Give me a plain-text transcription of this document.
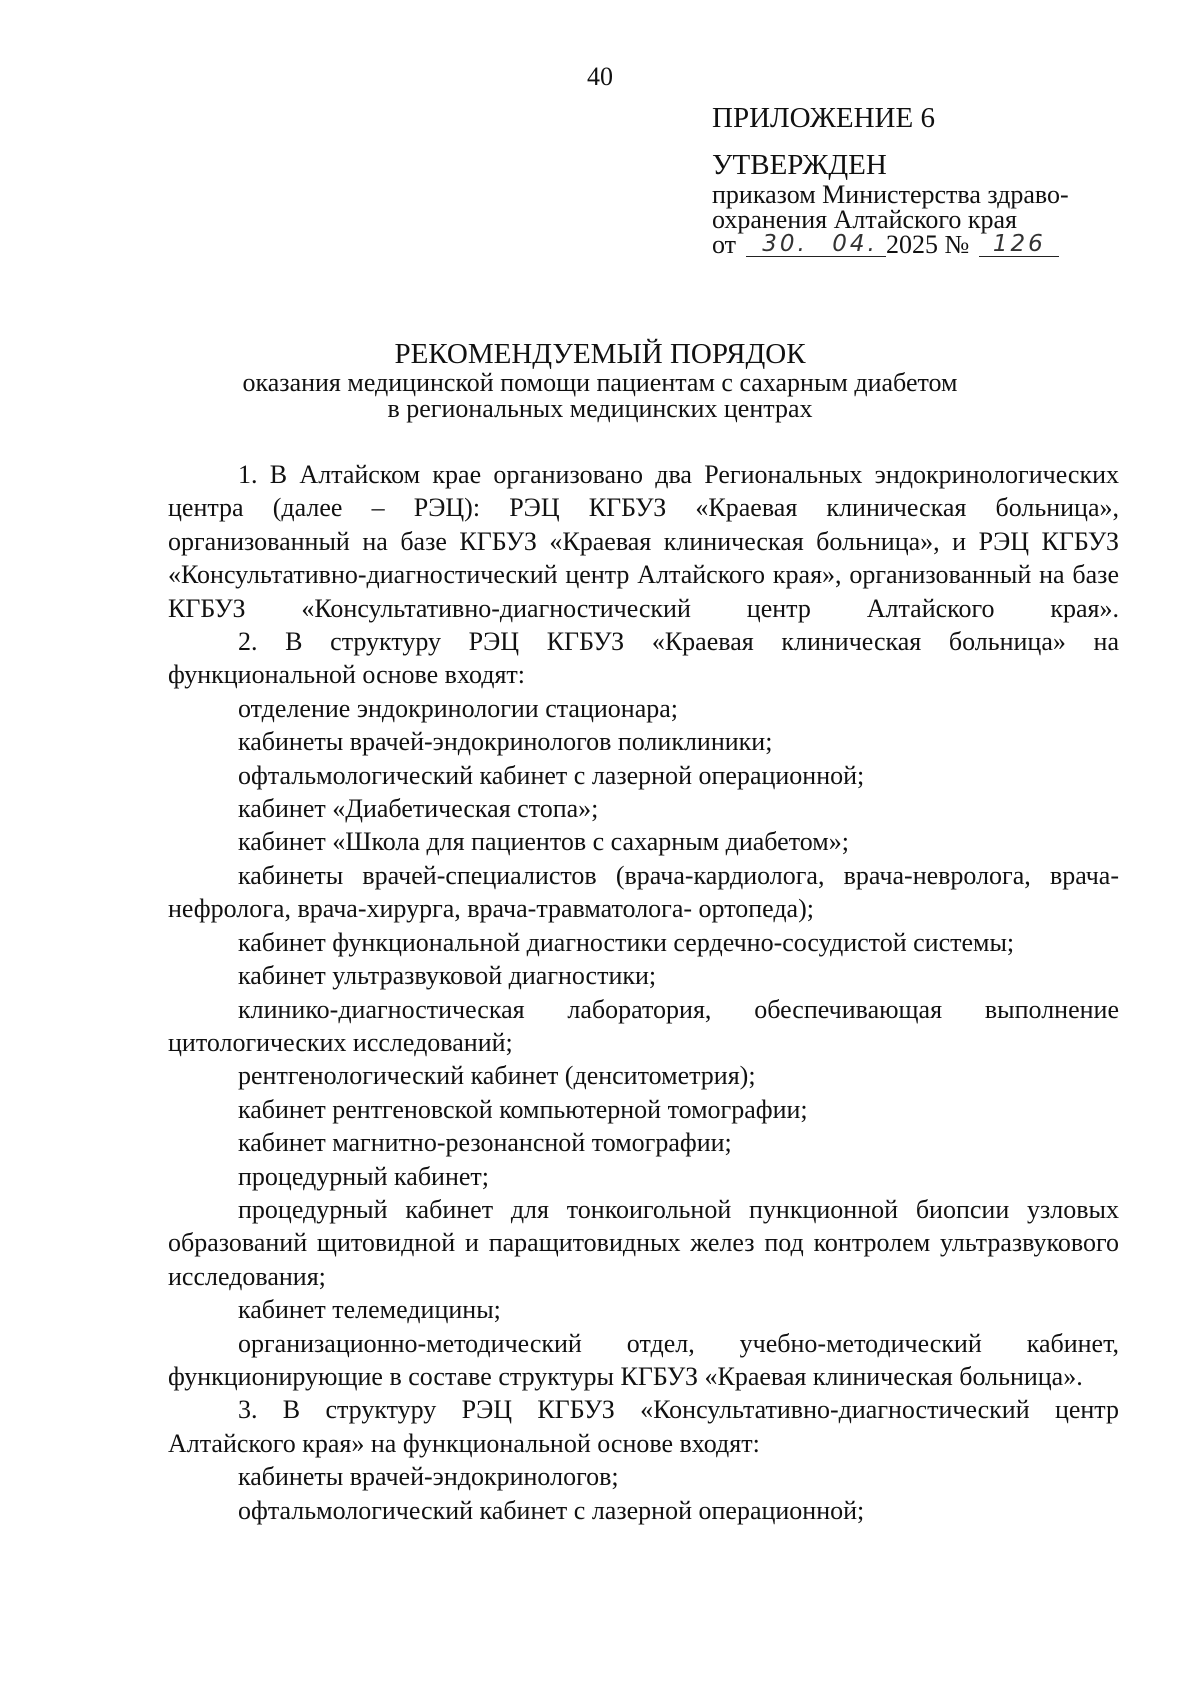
40
ПРИЛОЖЕНИЕ 6
УТВЕРЖДЕН
приказом Министерства здраво-
охранения Алтайского края
от	30.	04. 2025 №	126
РЕКОМЕНДУЕМЫЙ ПОРЯДОК
оказания медицинской помощи пациентам с сахарным диабетом
в региональных медицинских центрах

1. В Алтайском крае организовано два Региональных эндокринологических центра (далее – РЭЦ): РЭЦ КГБУЗ «Краевая клиническая больница», организованный на базе КГБУЗ «Краевая клиническая больница», и РЭЦ КГБУЗ «Консультативно-диагностический центр Алтайского края», организованный на базе КГБУЗ «Консультативно-диагностический центр Алтайского края».

2. В структуру РЭЦ КГБУЗ «Краевая клиническая больница» на функциональной основе входят:

отделение эндокринологии стационара;

кабинеты врачей-эндокринологов поликлиники;

офтальмологический кабинет с лазерной операционной;

кабинет «Диабетическая стопа»;

кабинет «Школа для пациентов с сахарным диабетом»;

кабинеты врачей-специалистов (врача-кардиолога, врача-невролога, врача-нефролога, врача-хирурга, врача-травматолога- ортопеда);

кабинет функциональной диагностики сердечно-сосудистой системы;

кабинет ультразвуковой диагностики;

клинико-диагностическая лаборатория, обеспечивающая выполнение цитологических исследований;

рентгенологический кабинет (денситометрия);

кабинет рентгеновской компьютерной томографии;

кабинет магнитно-резонансной томографии;

процедурный кабинет;

процедурный кабинет для тонкоигольной пункционной биопсии узловых образований щитовидной и паращитовидных желез под контролем ультразвукового исследования;

кабинет телемедицины;

организационно-методический отдел, учебно-методический кабинет, функционирующие в составе структуры КГБУЗ «Краевая клиническая больница».

3. В структуру РЭЦ КГБУЗ «Консультативно-диагностический центр Алтайского края» на функциональной основе входят:

кабинеты врачей-эндокринологов;

офтальмологический кабинет с лазерной операционной;
